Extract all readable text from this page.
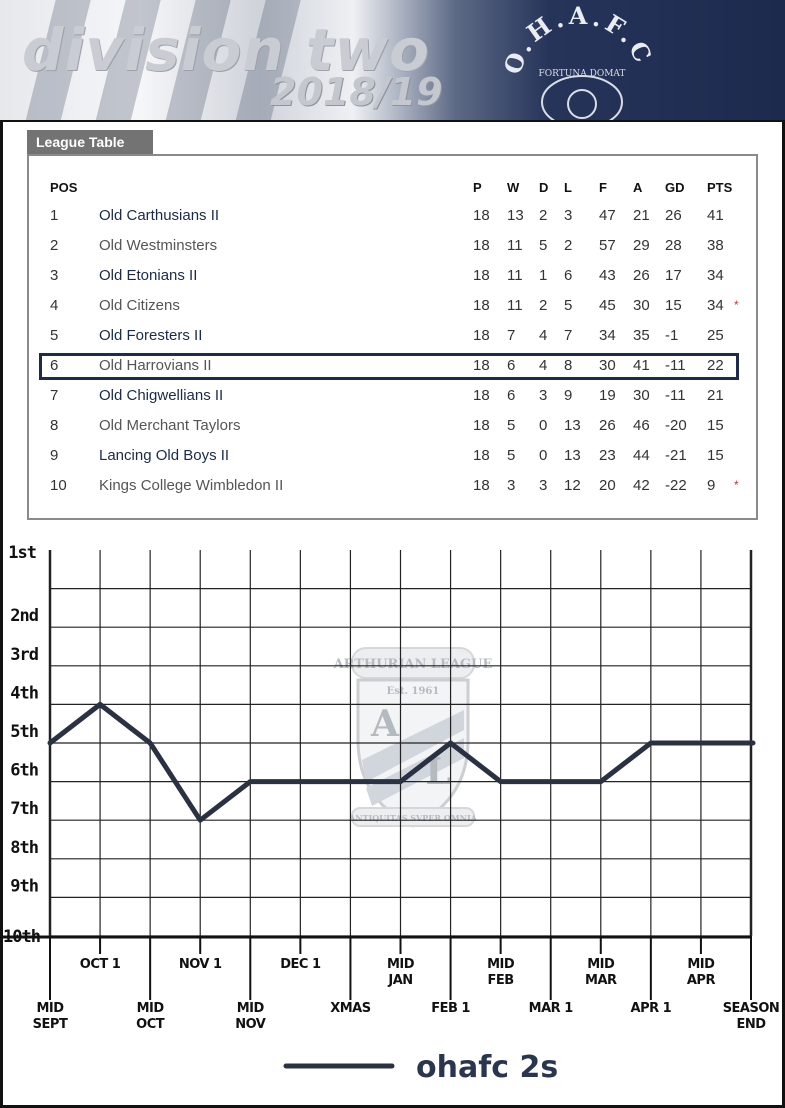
division two
2018/19
O.H.A.F.C
FORTUNA DOMAT
League Table
POS	P W D L F A GD PTS
1	Old Carthusians II	18 13 2 3 47 21 26 41
2	Old Westminsters	18 11 5 2 57 29 28 38
3	Old Etonians II	18 11 1 6 43 26 17 34
4	Old Citizens	18 11 2 5 45 30 15 34 *
5	Old Foresters II	18 7 4 7 34 35 -1 25
6	Old Harrovians II	18 6 4 8 30 41 -11 22
7	Old Chigwellians II	18 6 3 9 19 30 -11 21
8	Old Merchant Taylors	18 5 0 13 26 46 -20 15
9	Lancing Old Boys II	18 5 0 13 23 44 -21 15
10 Kings College Wimbledon II	18 3 3 12 20 42 -22 9 *
ARTHURIAN LEAGUE
Est. 1961
A
L
ANTIQUITAS SVPER OMNIA
1st
2nd
3rd
4th
5th
6th
7th
8th
9th
10th
MID
SEPT
OCT 1
MID
OCT
NOV 1
MID
NOV
DEC 1
XMAS
MID
JAN
FEB 1
MID
FEB
MAR 1
MID
MAR
APR 1
MID
APR
SEASON
END
ohafc 2s
